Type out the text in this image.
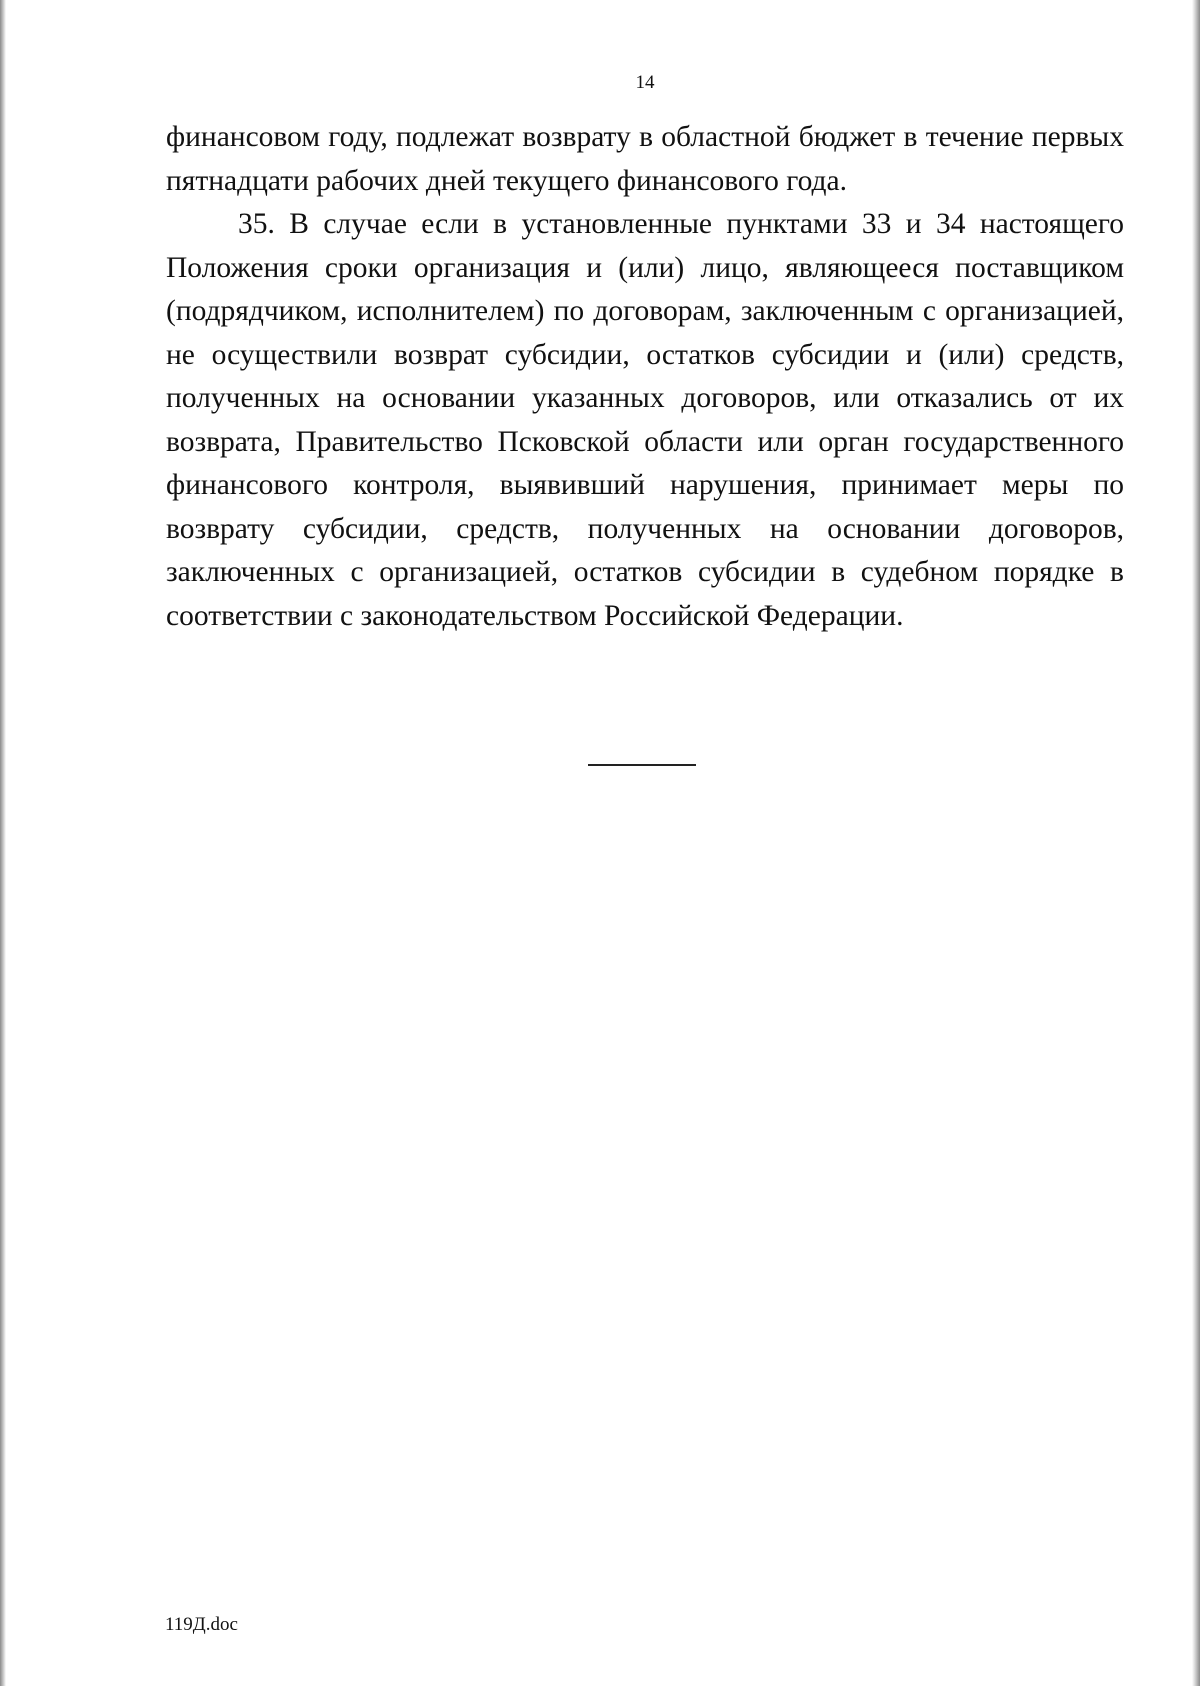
14

финансовом году, подлежат возврату в областной бюджет в течение первых пятнадцати рабочих дней текущего финансового года.

35. В случае если в установленные пунктами 33 и 34 настоящего Положения сроки организация и (или) лицо, являющееся поставщиком (подрядчиком, исполнителем) по договорам, заключенным с организацией, не осуществили возврат субсидии, остатков субсидии и (или) средств, полученных на основании указанных договоров, или отказались от их возврата, Правительство Псковской области или орган государственного финансового контроля, выявивший нарушения, принимает меры по возврату субсидии, средств, полученных на основании договоров, заключенных с организацией, остатков субсидии в судебном порядке в соответствии с законодательством Российской Федерации.

119Д.doc
